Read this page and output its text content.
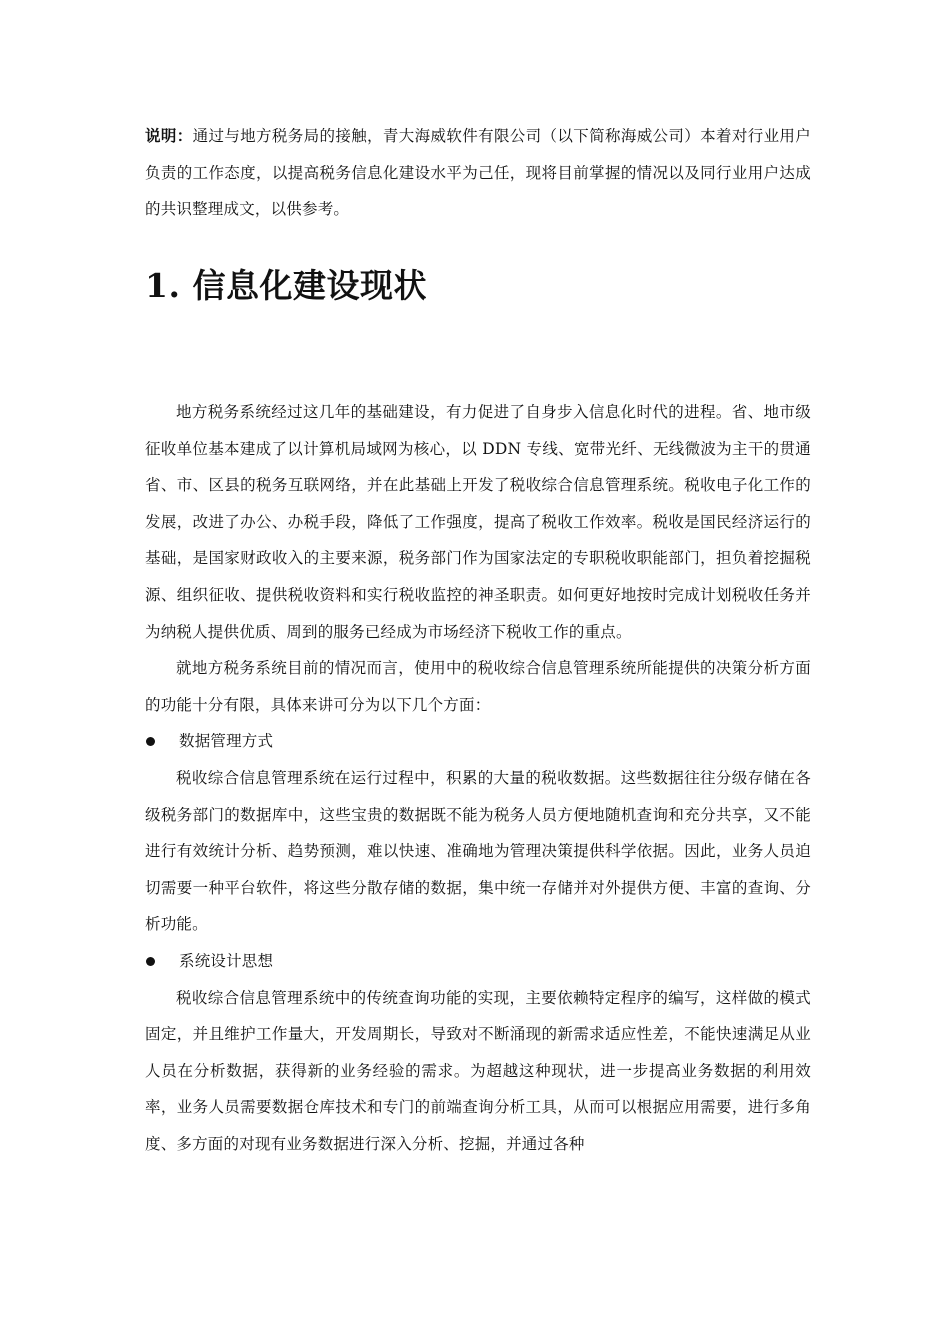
说明：通过与地方税务局的接触，青大海威软件有限公司（以下简称海威公司）本着对行业用户负责的工作态度，以提高税务信息化建设水平为己任，现将目前掌握的情况以及同行业用户达成的共识整理成文，以供参考。
1. 信息化建设现状

地方税务系统经过这几年的基础建设，有力促进了自身步入信息化时代的进程。省、地市级征收单位基本建成了以计算机局域网为核心，以 DDN 专线、宽带光纤、无线微波为主干的贯通省、市、区县的税务互联网络，并在此基础上开发了税收综合信息管理系统。税收电子化工作的发展，改进了办公、办税手段，降低了工作强度，提高了税收工作效率。税收是国民经济运行的基础，是国家财政收入的主要来源，税务部门作为国家法定的专职税收职能部门，担负着挖掘税源、组织征收、提供税收资料和实行税收监控的神圣职责。如何更好地按时完成计划税收任务并为纳税人提供优质、周到的服务已经成为市场经济下税收工作的重点。

就地方税务系统目前的情况而言，使用中的税收综合信息管理系统所能提供的决策分析方面的功能十分有限，具体来讲可分为以下几个方面：

数据管理方式

税收综合信息管理系统在运行过程中，积累的大量的税收数据。这些数据往往分级存储在各级税务部门的数据库中，这些宝贵的数据既不能为税务人员方便地随机查询和充分共享，又不能进行有效统计分析、趋势预测，难以快速、准确地为管理决策提供科学依据。因此，业务人员迫切需要一种平台软件，将这些分散存储的数据，集中统一存储并对外提供方便、丰富的查询、分析功能。

系统设计思想

税收综合信息管理系统中的传统查询功能的实现，主要依赖特定程序的编写，这样做的模式固定，并且维护工作量大，开发周期长，导致对不断涌现的新需求适应性差，不能快速满足从业人员在分析数据，获得新的业务经验的需求。为超越这种现状，进一步提高业务数据的利用效率，业务人员需要数据仓库技术和专门的前端查询分析工具，从而可以根据应用需要，进行多角度、多方面的对现有业务数据进行深入分析、挖掘，并通过各种
